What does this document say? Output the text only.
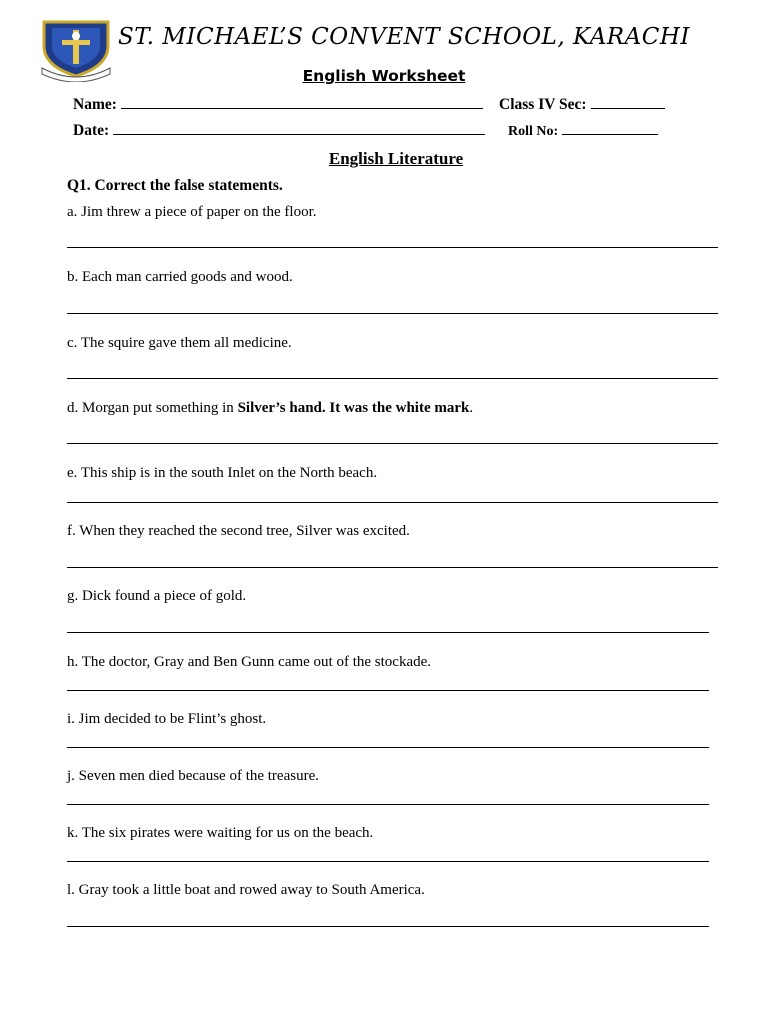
ST. MICHAEL’S CONVENT SCHOOL, KARACHI
English Worksheet
Name:	Class IV Sec:
Date:	Roll No:
English Literature
Q1. Correct the false statements.
a. Jim threw a piece of paper on the floor.
b. Each man carried goods and wood.
c. The squire gave them all medicine.
d. Morgan put something in Silver’s hand. It was the white mark.
e. This ship is in the south Inlet on the North beach.
f. When they reached the second tree, Silver was excited.
g. Dick found a piece of gold.
h. The doctor, Gray and Ben Gunn came out of the stockade.
i. Jim decided to be Flint’s ghost.
j. Seven men died because of the treasure.
k. The six pirates were waiting for us on the beach.
l. Gray took a little boat and rowed away to South America.
